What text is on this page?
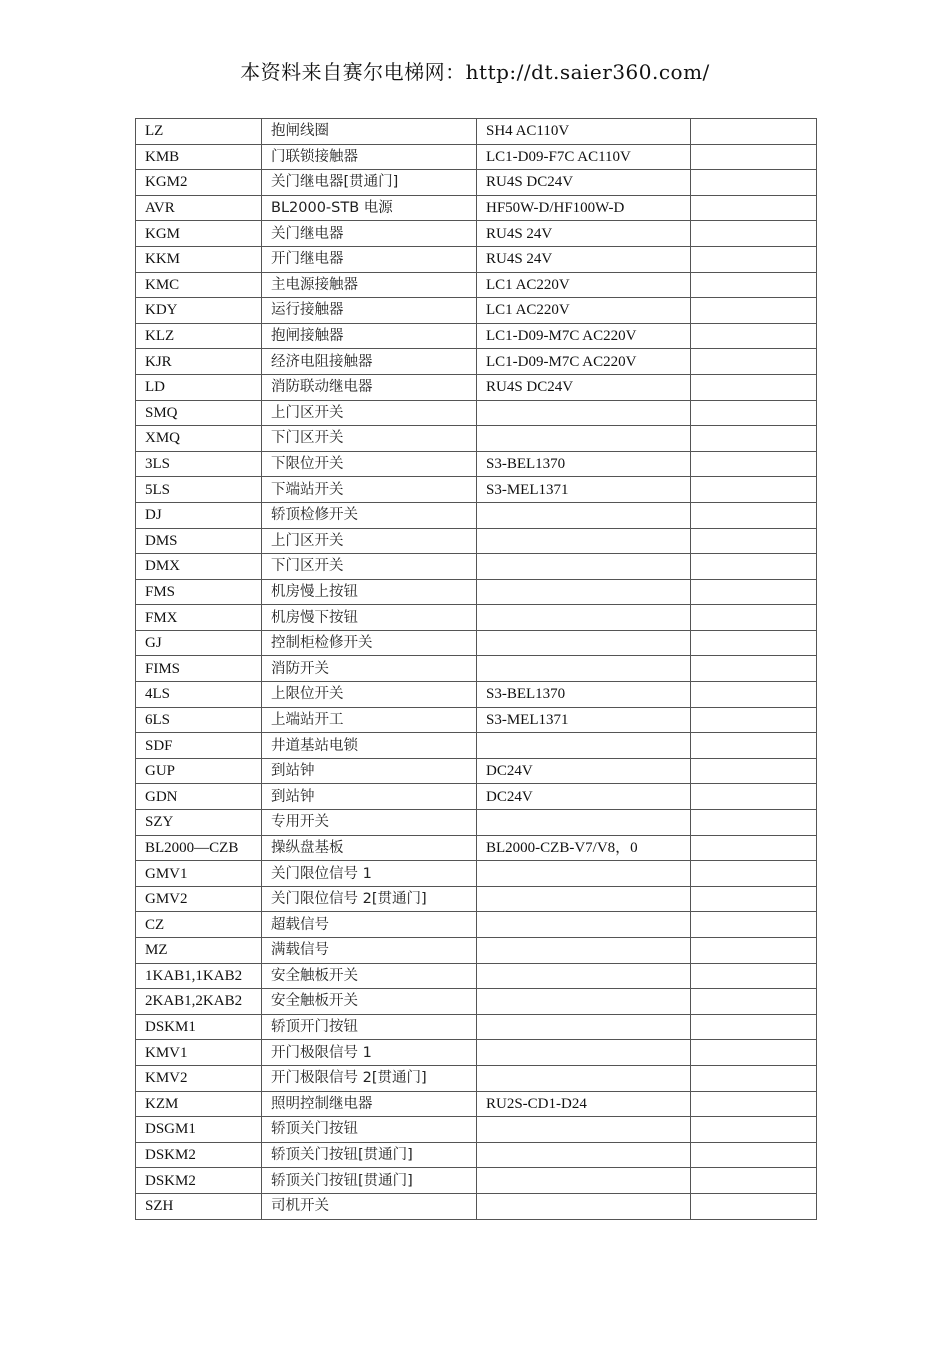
本资料来自赛尔电梯网：http://dt.saier360.com/
LZ	抱闸线圈	SH4 AC110V	
KMB	门联锁接触器	LC1-D09-F7C AC110V	
KGM2	关门继电器[贯通门]	RU4S DC24V	
AVR	BL2000-STB 电源	HF50W-D/HF100W-D	
KGM	关门继电器	RU4S 24V	
KKM	开门继电器	RU4S 24V	
KMC	主电源接触器	LC1 AC220V	
KDY	运行接触器	LC1 AC220V	
KLZ	抱闸接触器	LC1-D09-M7C AC220V	
KJR	经济电阻接触器	LC1-D09-M7C AC220V	
LD	消防联动继电器	RU4S DC24V	
SMQ	上门区开关		
XMQ	下门区开关		
3LS	下限位开关	S3-BEL1370	
5LS	下端站开关	S3-MEL1371	
DJ	轿顶检修开关		
DMS	上门区开关		
DMX	下门区开关		
FMS	机房慢上按钮		
FMX	机房慢下按钮		
GJ	控制柜检修开关		
FIMS	消防开关		
4LS	上限位开关	S3-BEL1370	
6LS	上端站开工	S3-MEL1371	
SDF	井道基站电锁		
GUP	到站钟	DC24V	
GDN	到站钟	DC24V	
SZY	专用开关		
BL2000—CZB	操纵盘基板	BL2000-CZB-V7/V8，0	
GMV1	关门限位信号 1		
GMV2	关门限位信号 2[贯通门]		
CZ	超载信号		
MZ	满载信号		
1KAB1,1KAB2	安全触板开关		
2KAB1,2KAB2	安全触板开关		
DSKM1	轿顶开门按钮		
KMV1	开门极限信号 1		
KMV2	开门极限信号 2[贯通门]		
KZM	照明控制继电器	RU2S-CD1-D24	
DSGM1	轿顶关门按钮		
DSKM2	轿顶关门按钮[贯通门]		
DSKM2	轿顶关门按钮[贯通门]		
SZH	司机开关		
